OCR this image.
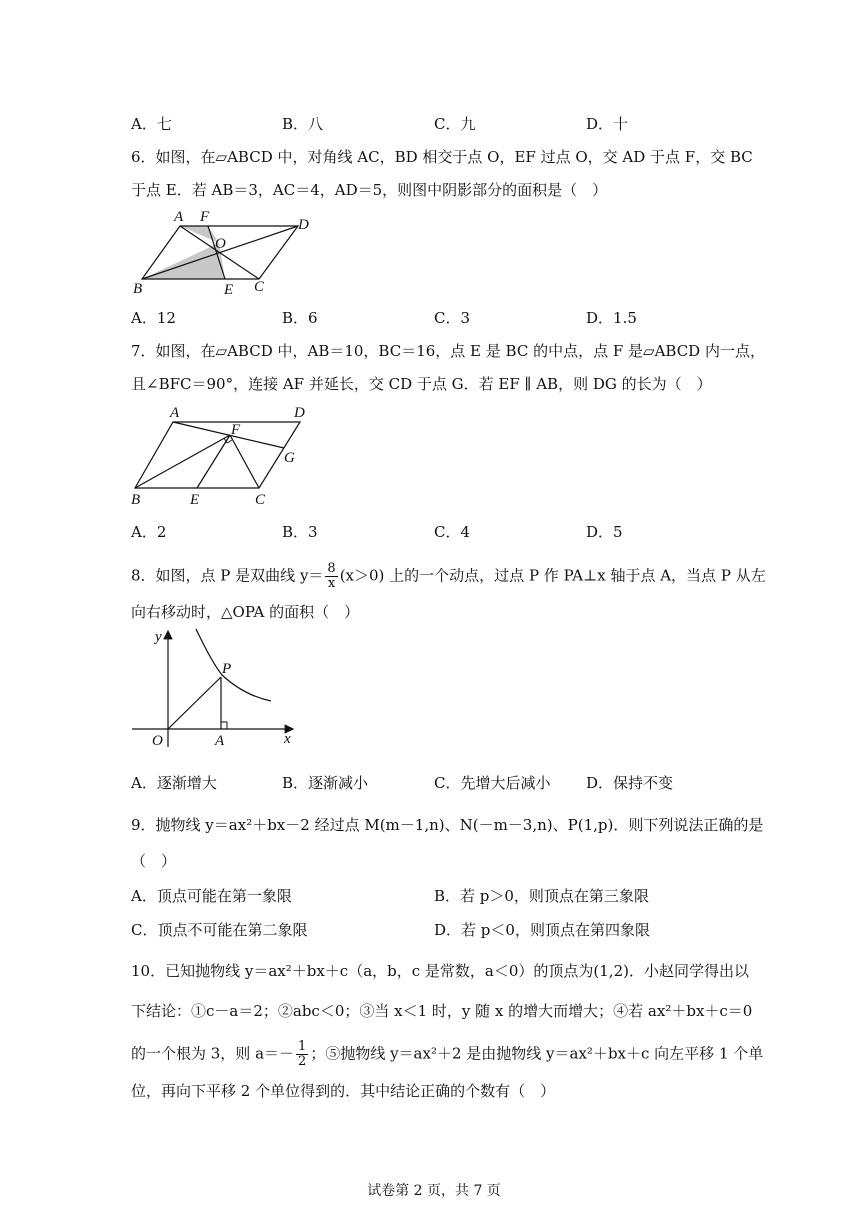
A．七	B．八	C．九	D．十
6．如图，在▱ABCD 中，对角线 AC，BD 相交于点 O，EF 过点 O，交 AD 于点 F，交 BC
于点 E．若 AB＝3，AC＝4，AD＝5，则图中阴影部分的面积是（　）
A F	D
O
B	E C
A．12	B．6	C．3	D．1.5
7．如图，在▱ABCD 中，AB＝10，BC＝16，点 E 是 BC 的中点，点 F 是▱ABCD 内一点，
且∠BFC＝90°，连接 AF 并延长，交 CD 于点 G．若 EF ∥ AB，则 DG 的长为（　）
A	D
F
G
B	E	C
A．2	B．3	C．4	D．5
8．如图，点 P 是双曲线 $y= \frac{8}{x} (x>0)$ 上的一个动点，过点 P 作 PA⊥x 轴于点 A，当点 P 从左
向右移动时，△OPA 的面积（　）
y
P
O	A	x
A．逐渐增大	B．逐渐减小	C．先增大后减小 D．保持不变
9．抛物线 y＝ax²＋bx－2 经过点 M(m－1,n)、N(－m－3,n)、P(1,p)．则下列说法正确的是
（　）
A．顶点可能在第一象限	B．若 p＞0，则顶点在第三象限
C．顶点不可能在第二象限	D．若 p＜0，则顶点在第四象限
10．已知抛物线 y＝ax²＋bx＋c（a，b，c 是常数，a＜0）的顶点为(1,2)．小赵同学得出以
下结论：①c－a＝2；②abc＜0；③当 x＜1 时，y 随 x 的增大而增大；④若 ax²＋bx＋c＝0
的一个根为 3，则 $a=- \frac{1}{2}$ ；⑤抛物线 y＝ax²＋2 是由抛物线 y＝ax²＋bx＋c 向左平移 1 个单
位，再向下平移 2 个单位得到的．其中结论正确的个数有（　）
试卷第 2 页，共 7 页
